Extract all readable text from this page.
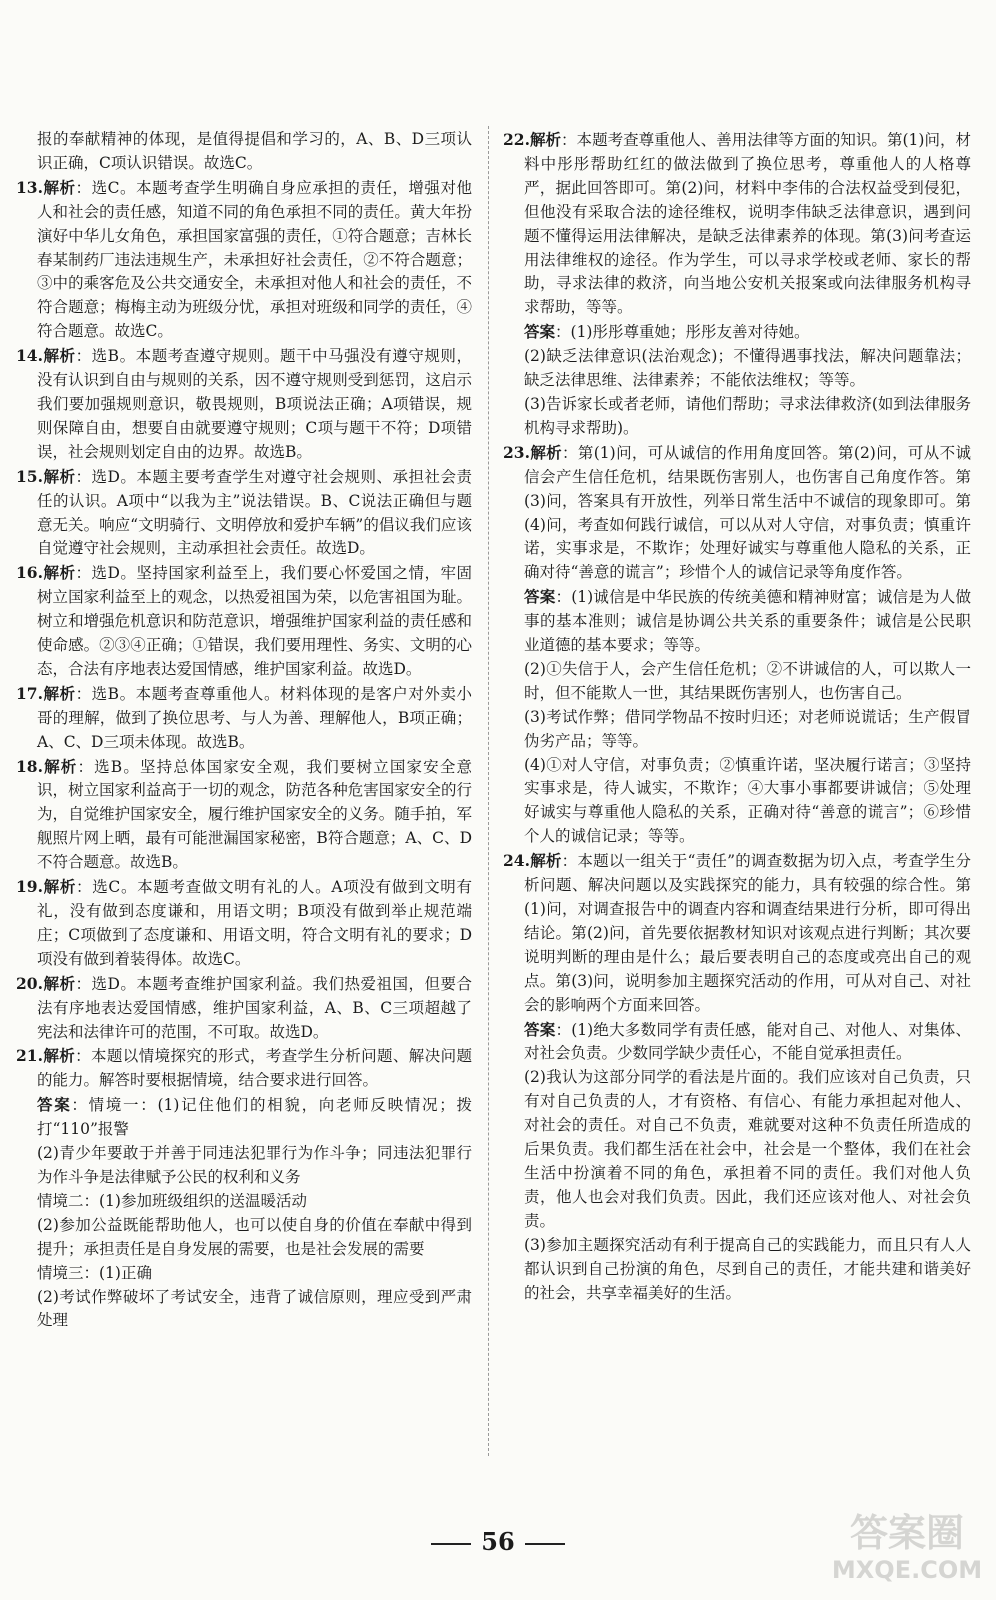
报的奉献精神的体现，是值得提倡和学习的，A、B、D三项认识正确，C项认识错误。故选C。

13.解析：选C。本题考查学生明确自身应承担的责任，增强对他人和社会的责任感，知道不同的角色承担不同的责任。黄大年扮演好中华儿女角色，承担国家富强的责任，①符合题意；吉林长春某制药厂违法违规生产，未承担好社会责任，②不符合题意；③中的乘客危及公共交通安全，未承担对他人和社会的责任，不符合题意；梅梅主动为班级分忧，承担对班级和同学的责任，④符合题意。故选C。

14.解析：选B。本题考查遵守规则。题干中马强没有遵守规则，没有认识到自由与规则的关系，因不遵守规则受到惩罚，这启示我们要加强规则意识，敬畏规则，B项说法正确；A项错误，规则保障自由，想要自由就要遵守规则；C项与题干不符；D项错误，社会规则划定自由的边界。故选B。

15.解析：选D。本题主要考查学生对遵守社会规则、承担社会责任的认识。A项中“以我为主”说法错误。B、C说法正确但与题意无关。响应“文明骑行、文明停放和爱护车辆”的倡议我们应该自觉遵守社会规则，主动承担社会责任。故选D。

16.解析：选D。坚持国家利益至上，我们要心怀爱国之情，牢固树立国家利益至上的观念，以热爱祖国为荣，以危害祖国为耻。树立和增强危机意识和防范意识，增强维护国家利益的责任感和使命感。②③④正确；①错误，我们要用理性、务实、文明的心态，合法有序地表达爱国情感，维护国家利益。故选D。

17.解析：选B。本题考查尊重他人。材料体现的是客户对外卖小哥的理解，做到了换位思考、与人为善、理解他人，B项正确；A、C、D三项未体现。故选B。

18.解析：选B。坚持总体国家安全观，我们要树立国家安全意识，树立国家利益高于一切的观念，防范各种危害国家安全的行为，自觉维护国家安全，履行维护国家安全的义务。随手拍，军舰照片网上晒，最有可能泄漏国家秘密，B符合题意；A、C、D不符合题意。故选B。

19.解析：选C。本题考查做文明有礼的人。A项没有做到文明有礼，没有做到态度谦和，用语文明；B项没有做到举止规范端庄；C项做到了态度谦和、用语文明，符合文明有礼的要求；D项没有做到着装得体。故选C。

20.解析：选D。本题考查维护国家利益。我们热爱祖国，但要合法有序地表达爱国情感，维护国家利益，A、B、C三项超越了宪法和法律许可的范围，不可取。故选D。

21.解析：本题以情境探究的形式，考查学生分析问题、解决问题的能力。解答时要根据情境，结合要求进行回答。

答案：情境一：(1)记住他们的相貌，向老师反映情况；拨打“110”报警

(2)青少年要敢于并善于同违法犯罪行为作斗争；同违法犯罪行为作斗争是法律赋予公民的权利和义务

情境二：(1)参加班级组织的送温暖活动

(2)参加公益既能帮助他人，也可以使自身的价值在奉献中得到提升；承担责任是自身发展的需要，也是社会发展的需要

情境三：(1)正确

(2)考试作弊破坏了考试安全，违背了诚信原则，理应受到严肃处理

22.解析：本题考查尊重他人、善用法律等方面的知识。第(1)问，材料中彤彤帮助红红的做法做到了换位思考，尊重他人的人格尊严，据此回答即可。第(2)问，材料中李伟的合法权益受到侵犯，但他没有采取合法的途径维权，说明李伟缺乏法律意识，遇到问题不懂得运用法律解决，是缺乏法律素养的体现。第(3)问考查运用法律维权的途径。作为学生，可以寻求学校或老师、家长的帮助，寻求法律的救济，向当地公安机关报案或向法律服务机构寻求帮助，等等。

答案：(1)彤彤尊重她；彤彤友善对待她。

(2)缺乏法律意识(法治观念)；不懂得遇事找法，解决问题靠法；缺乏法律思维、法律素养；不能依法维权；等等。

(3)告诉家长或者老师，请他们帮助；寻求法律救济(如到法律服务机构寻求帮助)。

23.解析：第(1)问，可从诚信的作用角度回答。第(2)问，可从不诚信会产生信任危机，结果既伤害别人，也伤害自己角度作答。第(3)问，答案具有开放性，列举日常生活中不诚信的现象即可。第(4)问，考查如何践行诚信，可以从对人守信，对事负责；慎重许诺，实事求是，不欺诈；处理好诚实与尊重他人隐私的关系，正确对待“善意的谎言”；珍惜个人的诚信记录等角度作答。

答案：(1)诚信是中华民族的传统美德和精神财富；诚信是为人做事的基本准则；诚信是协调公共关系的重要条件；诚信是公民职业道德的基本要求；等等。

(2)①失信于人，会产生信任危机；②不讲诚信的人，可以欺人一时，但不能欺人一世，其结果既伤害别人，也伤害自己。

(3)考试作弊；借同学物品不按时归还；对老师说谎话；生产假冒伪劣产品；等等。

(4)①对人守信，对事负责；②慎重许诺，坚决履行诺言；③坚持实事求是，待人诚实，不欺诈；④大事小事都要讲诚信；⑤处理好诚实与尊重他人隐私的关系，正确对待“善意的谎言”；⑥珍惜个人的诚信记录；等等。

24.解析：本题以一组关于“责任”的调查数据为切入点，考查学生分析问题、解决问题以及实践探究的能力，具有较强的综合性。第(1)问，对调查报告中的调查内容和调查结果进行分析，即可得出结论。第(2)问，首先要依据教材知识对该观点进行判断；其次要说明判断的理由是什么；最后要表明自己的态度或亮出自己的观点。第(3)问，说明参加主题探究活动的作用，可从对自己、对社会的影响两个方面来回答。

答案：(1)绝大多数同学有责任感，能对自己、对他人、对集体、对社会负责。少数同学缺少责任心，不能自觉承担责任。

(2)我认为这部分同学的看法是片面的。我们应该对自己负责，只有对自己负责的人，才有资格、有信心、有能力承担起对他人、对社会的责任。对自己不负责，难就要对这种不负责任所造成的后果负责。我们都生活在社会中，社会是一个整体，我们在社会生活中扮演着不同的角色，承担着不同的责任。我们对他人负责，他人也会对我们负责。因此，我们还应该对他人、对社会负责。

(3)参加主题探究活动有利于提高自己的实践能力，而且只有人人都认识到自己扮演的角色，尽到自己的责任，才能共建和谐美好的社会，共享幸福美好的生活。

56	答案圈
MXQE.COM
